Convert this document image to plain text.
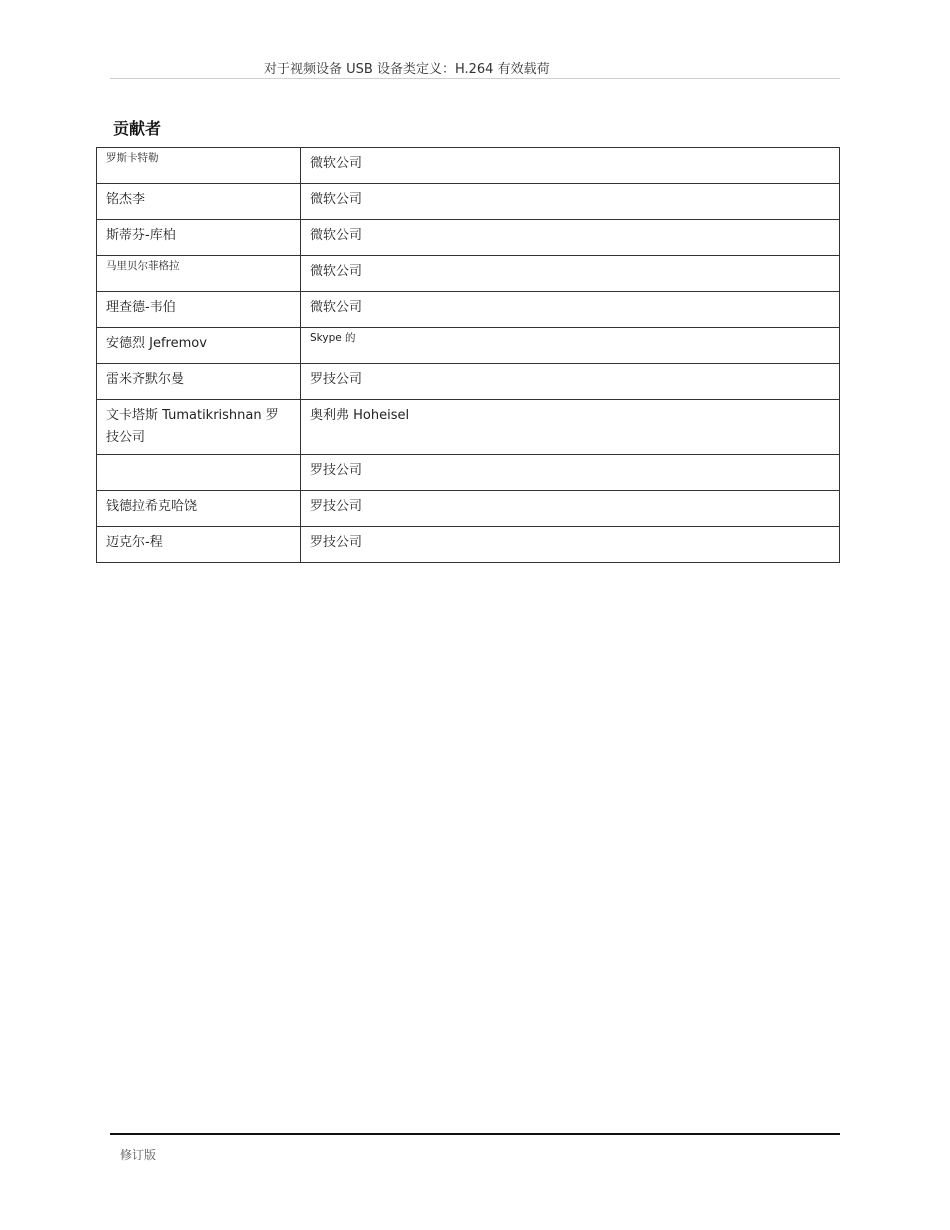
对于视频设备 USB 设备类定义：H.264 有效载荷
贡献者
罗斯卡特勒	微软公司
铭杰李	微软公司
斯蒂芬-库柏	微软公司
马里贝尔菲格拉	微软公司
理查德-韦伯	微软公司
安德烈 Jefremov	Skype 的
雷米齐默尔曼	罗技公司
文卡塔斯 Tumatikrishnan 罗技公司	奥利弗 Hoheisel
	罗技公司
钱德拉希克哈饶	罗技公司
迈克尔-程	罗技公司
修订版
